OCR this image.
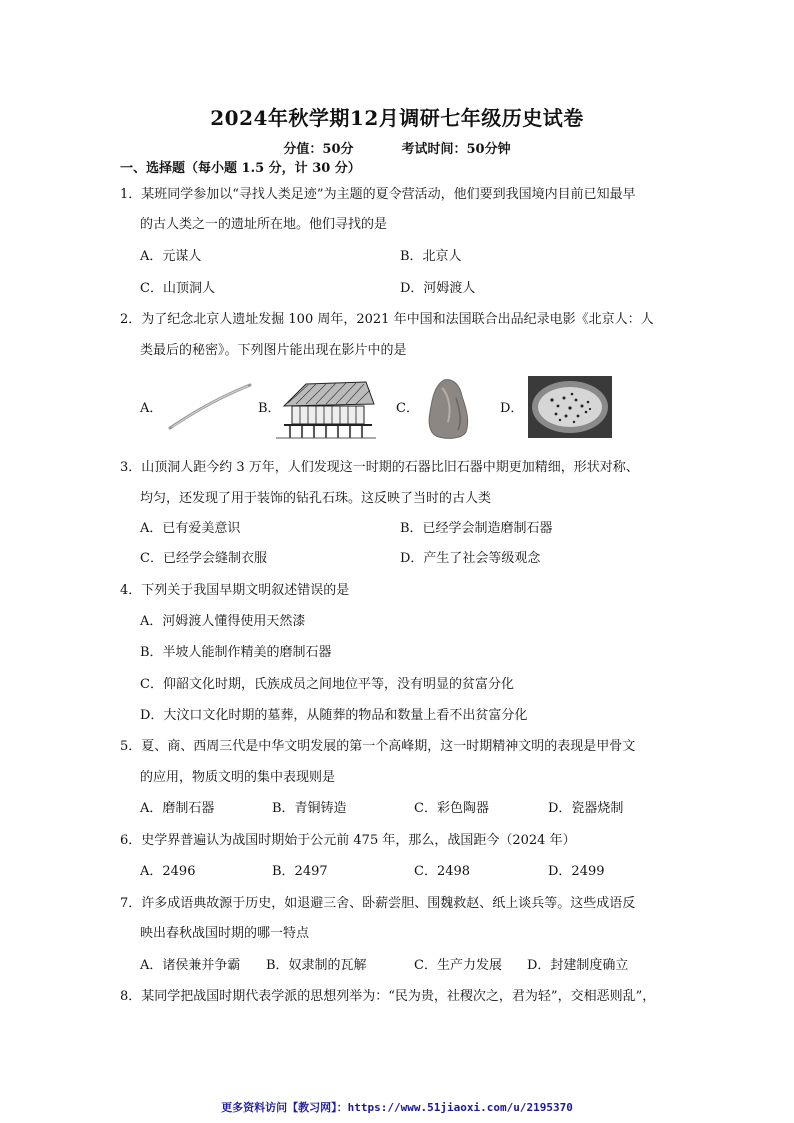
2024年秋学期12月调研七年级历史试卷
分值：50分	考试时间：50分钟
一、选择题（每小题 1.5 分，计 30 分）
1．某班同学参加以“寻找人类足迹”为主题的夏令营活动，他们要到我国境内目前已知最早
的古人类之一的遗址所在地。他们寻找的是
A．元谋人	B．北京人
C．山顶洞人	D．河姆渡人
2．为了纪念北京人遗址发掘 100 周年，2021 年中国和法国联合出品纪录电影《北京人：人
类最后的秘密》。下列图片能出现在影片中的是
A．	B．	C．	D．
3．山顶洞人距今约 3 万年，人们发现这一时期的石器比旧石器中期更加精细，形状对称、
均匀，还发现了用于装饰的钻孔石珠。这反映了当时的古人类
A．已有爱美意识	B．已经学会制造磨制石器
C．已经学会缝制衣服	D．产生了社会等级观念
4．下列关于我国早期文明叙述错误的是
A．河姆渡人懂得使用天然漆
B．半坡人能制作精美的磨制石器
C．仰韶文化时期，氏族成员之间地位平等，没有明显的贫富分化
D．大汶口文化时期的墓葬，从随葬的物品和数量上看不出贫富分化
5．夏、商、西周三代是中华文明发展的第一个高峰期，这一时期精神文明的表现是甲骨文
的应用，物质文明的集中表现则是
A．磨制石器	B．青铜铸造	C．彩色陶器	D．瓷器烧制
6．史学界普遍认为战国时期始于公元前 475 年，那么，战国距今（2024 年）
A．2496	B．2497	C．2498	D．2499
7．许多成语典故源于历史，如退避三舍、卧薪尝胆、围魏救赵、纸上谈兵等。这些成语反
映出春秋战国时期的哪一特点
A．诸侯兼并争霸 B．奴隶制的瓦解	C．生产力发展 D．封建制度确立
8．某同学把战国时期代表学派的思想列举为：“民为贵，社稷次之，君为轻”，交相恶则乱”，
更多资料访问【教习网】：https://www.51jiaoxi.com/u/2195370
